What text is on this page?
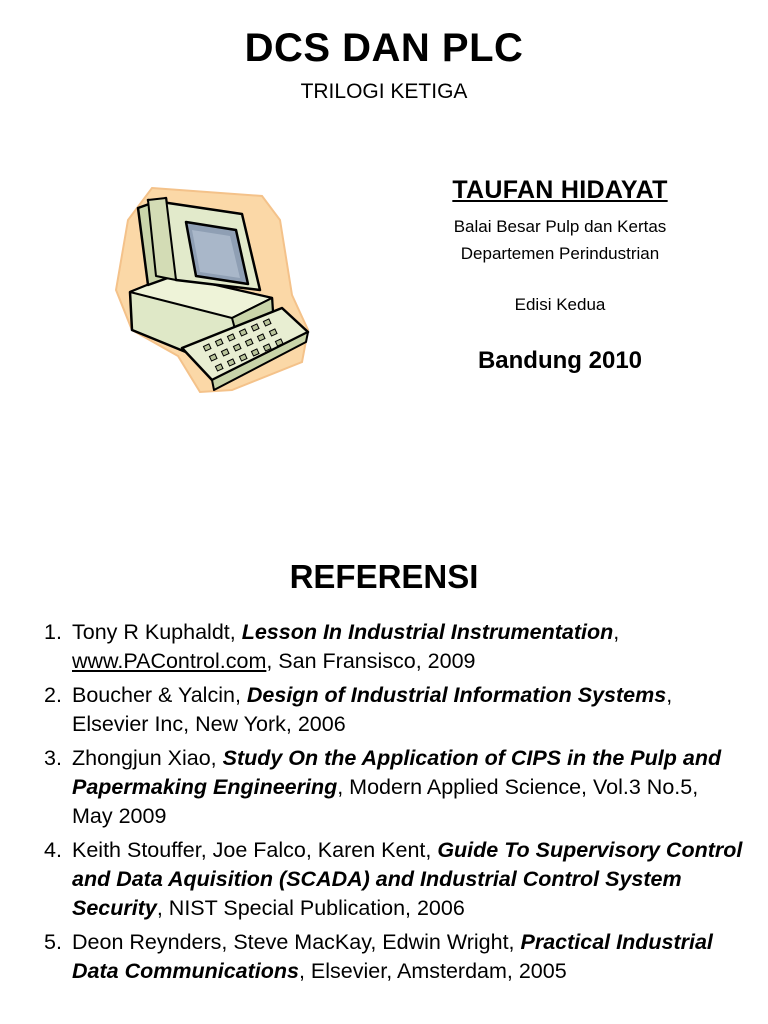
DCS DAN PLC
TRILOGI KETIGA
TAUFAN HIDAYAT
Balai Besar Pulp dan Kertas
Departemen Perindustrian
Edisi Kedua
Bandung 2010
REFERENSI
1. Tony R Kuphaldt, Lesson In Industrial Instrumentation,
www.PAControl.com, San Fransisco, 2009
2. Boucher & Yalcin, Design of Industrial Information Systems, Elsevier Inc, New York, 2006
3. Zhongjun Xiao, Study On the Application of CIPS in the Pulp and Papermaking Engineering, Modern Applied Science, Vol.3 No.5, May 2009
4. Keith Stouffer, Joe Falco, Karen Kent, Guide To Supervisory Control and Data Aquisition (SCADA) and Industrial Control System Security, NIST Special Publication, 2006
5. Deon Reynders, Steve MacKay, Edwin Wright, Practical Industrial Data Communications, Elsevier, Amsterdam, 2005
